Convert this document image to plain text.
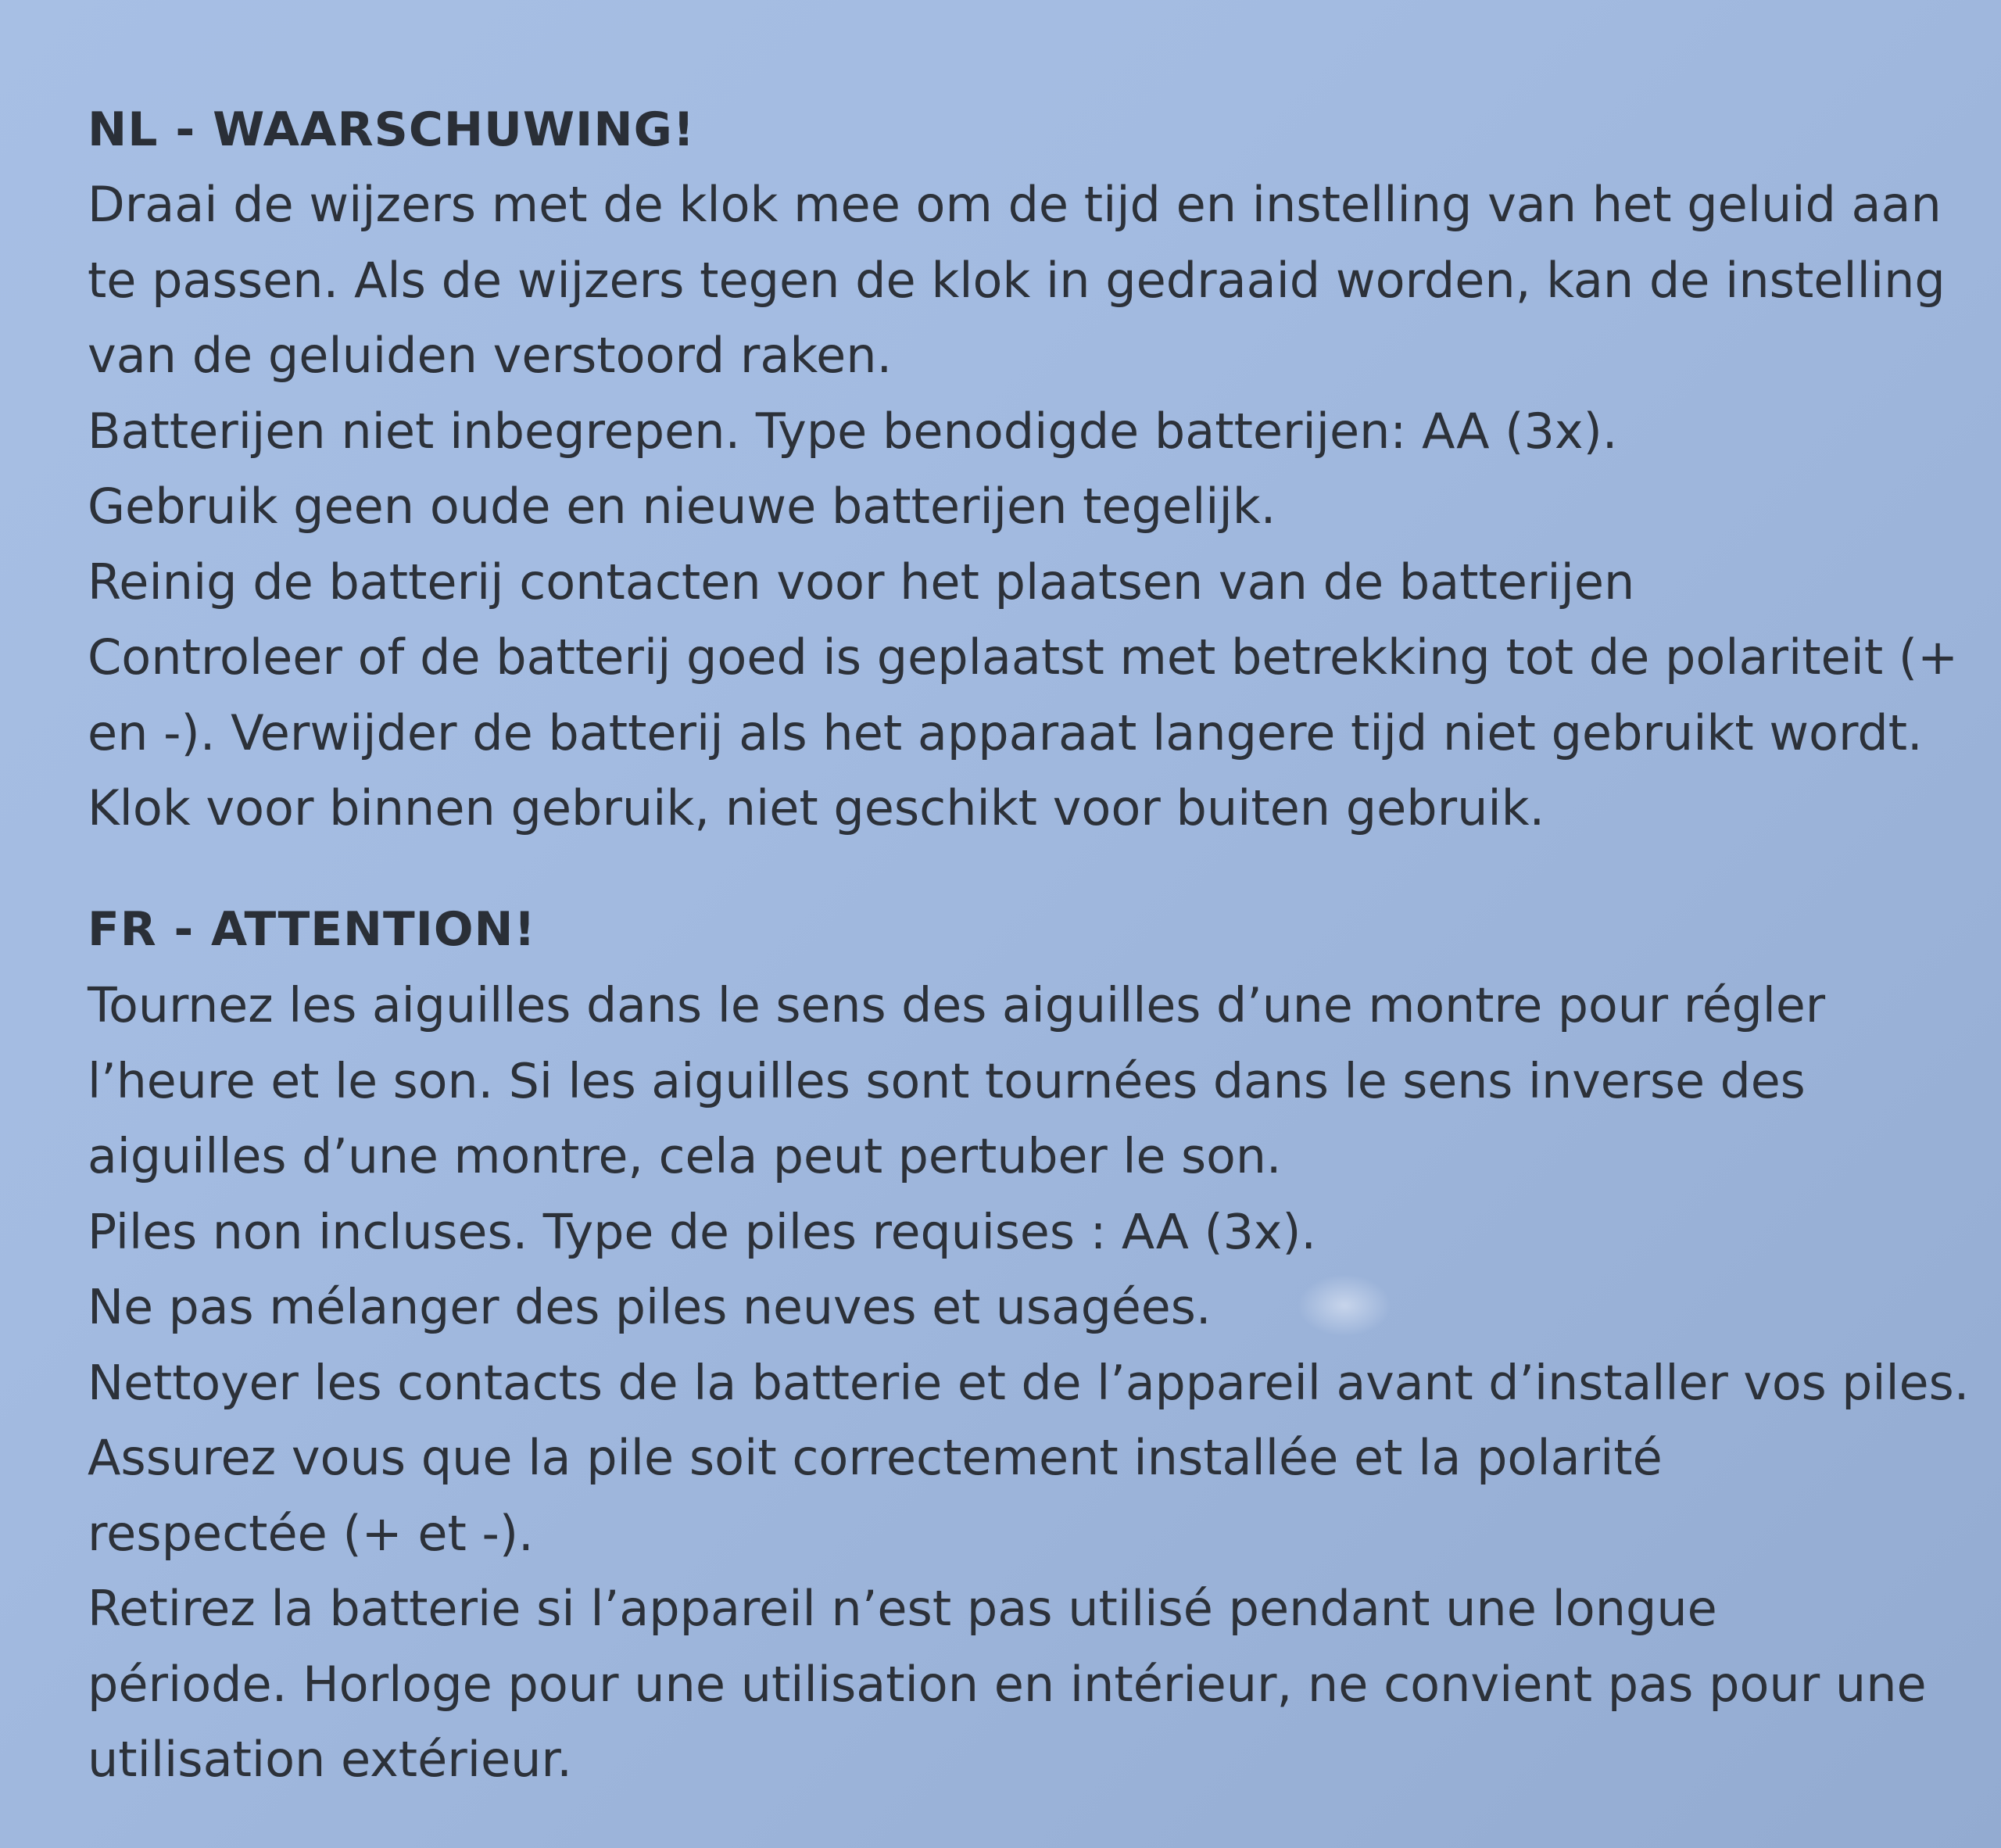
NL - WAARSCHUWING!
Draai de wijzers met de klok mee om de tijd en instelling van het geluid aan
te passen. Als de wijzers tegen de klok in gedraaid worden, kan de instelling
van de geluiden verstoord raken.
Batterijen niet inbegrepen. Type benodigde batterijen: AA (3x).
Gebruik geen oude en nieuwe batterijen tegelijk.
Reinig de batterij contacten voor het plaatsen van de batterijen
Controleer of de batterij goed is geplaatst met betrekking tot de polariteit (+
en -). Verwijder de batterij als het apparaat langere tijd niet gebruikt wordt.
Klok voor binnen gebruik, niet geschikt voor buiten gebruik.
FR - ATTENTION!
Tournez les aiguilles dans le sens des aiguilles d’une montre pour régler
l’heure et le son. Si les aiguilles sont tournées dans le sens inverse des
aiguilles d’une montre, cela peut pertuber le son.
Piles non incluses. Type de piles requises : AA (3x).
Ne pas mélanger des piles neuves et usagées.
Nettoyer les contacts de la batterie et de l’appareil avant d’installer vos piles.
Assurez vous que la pile soit correctement installée et la polarité
respectée (+ et -).
Retirez la batterie si l’appareil n’est pas utilisé pendant une longue
période. Horloge pour une utilisation en intérieur, ne convient pas pour une
utilisation extérieur.
